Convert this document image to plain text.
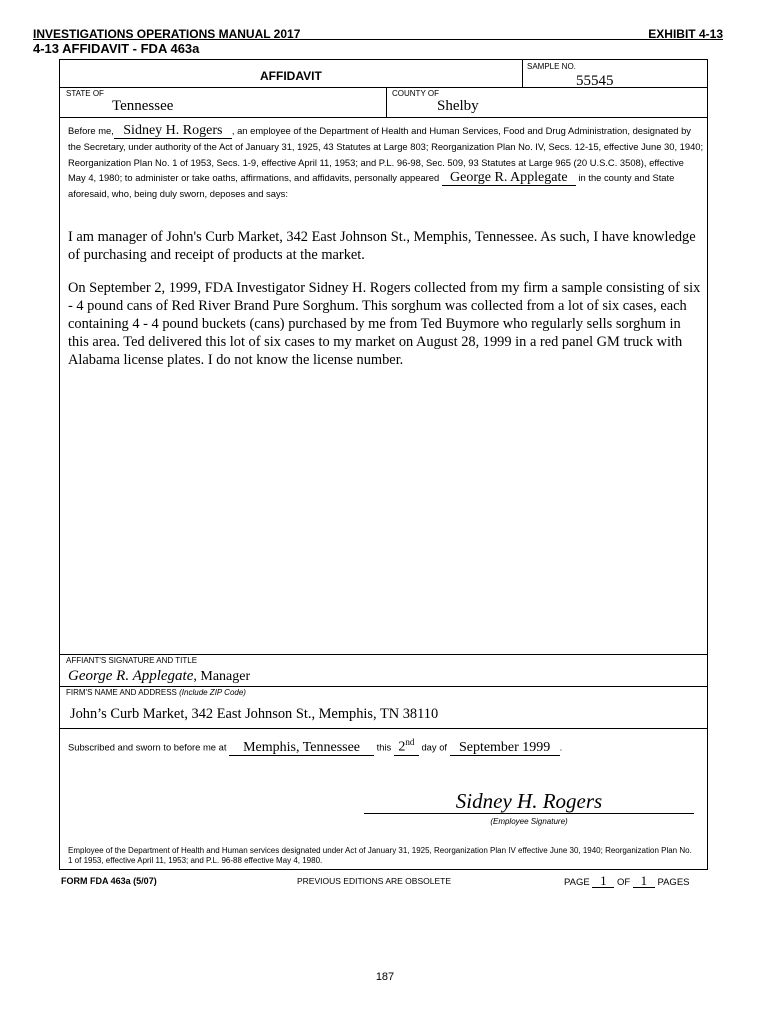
INVESTIGATIONS OPERATIONS MANUAL 2017	EXHIBIT 4-13
4-13 AFFIDAVIT - FDA 463a
AFFIDAVIT
SAMPLE NO.
55545
STATE OF
Tennessee
COUNTY OF
Shelby
Before me, Sidney H. Rogers , an employee of the Department of Health and Human Services, Food and Drug Administration, designated by the Secretary, under authority of the Act of January 31, 1925, 43 Statutes at Large 803; Reorganization Plan No. IV, Secs. 12-15, effective June 30, 1940; Reorganization Plan No. 1 of 1953, Secs. 1-9, effective April 11, 1953; and P.L. 96-98, Sec. 509, 93 Statutes at Large 965 (20 U.S.C. 3508), effective May 4, 1980; to administer or take oaths, affirmations, and affidavits, personally appeared George R. Applegate in the county and State aforesaid, who, being duly sworn, deposes and says:

I am manager of John's Curb Market, 342 East Johnson St., Memphis, Tennessee. As such, I have knowledge of purchasing and receipt of products at the market.

On September 2, 1999, FDA Investigator Sidney H. Rogers collected from my firm a sample consisting of six - 4 pound cans of Red River Brand Pure Sorghum. This sorghum was collected from a lot of six cases, each containing 4 - 4 pound buckets (cans) purchased by me from Ted Buymore who regularly sells sorghum in this area. Ted delivered this lot of six cases to my market on August 28, 1999 in a red panel GM truck with Alabama license plates. I do not know the license number.

AFFIANT'S SIGNATURE AND TITLE
George R. Applegate, Manager
FIRM'S NAME AND ADDRESS (Include ZIP Code)
John’s Curb Market, 342 East Johnson St., Memphis, TN 38110
Subscribed and sworn to before me at Memphis, Tennessee this 2nd day of September 1999 .
Sidney H. Rogers
(Employee Signature)
Employee of the Department of Health and Human services designated under Act of January 31, 1925, Reorganization Plan IV effective June 30, 1940; Reorganization Plan No. 1 of 1953, effective April 11, 1953; and P.L. 96-88 effective May 4, 1980.
FORM FDA 463a (5/07)	PREVIOUS EDITIONS ARE OBSOLETE	PAGE 1 OF 1 PAGES
187
